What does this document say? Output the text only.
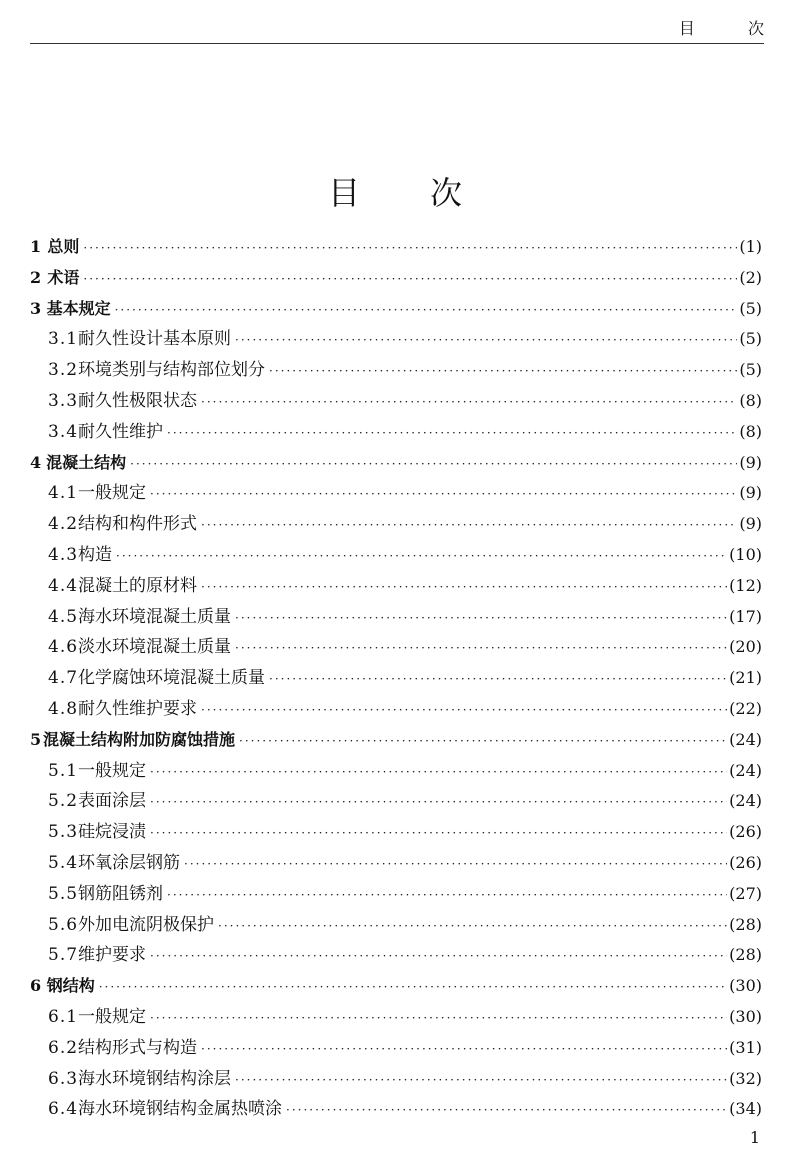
目 次
目次
1 总则 ·····	(1)
2 术语 ·····	(2)
3 基本规定 ·····	(5)
3.1 耐久性设计基本原则 ·····	(5)
3.2 环境类别与结构部位划分 ·····	(5)
3.3 耐久性极限状态 ·····	(8)
3.4 耐久性维护 ·····	(8)
4 混凝土结构 ·····	(9)
4.1 一般规定 ·····	(9)
4.2 结构和构件形式 ·····	(9)
4.3 构造 ·····	(10)
4.4 混凝土的原材料 ·····	(12)
4.5 海水环境混凝土质量 ·····	(17)
4.6 淡水环境混凝土质量 ·····	(20)
4.7 化学腐蚀环境混凝土质量 ·····	(21)
4.8 耐久性维护要求 ·····	(22)
5 混凝土结构附加防腐蚀措施 ·····	(24)
5.1 一般规定 ·····	(24)
5.2 表面涂层 ·····	(24)
5.3 硅烷浸渍 ·····	(26)
5.4 环氧涂层钢筋 ·····	(26)
5.5 钢筋阻锈剂 ·····	(27)
5.6 外加电流阴极保护 ·····	(28)
5.7 维护要求 ·····	(28)
6 钢结构 ·····	(30)
6.1 一般规定 ·····	(30)
6.2 结构形式与构造 ·····	(31)
6.3 海水环境钢结构涂层 ·····	(32)
6.4 海水环境钢结构金属热喷涂 ·····	(34)
1
